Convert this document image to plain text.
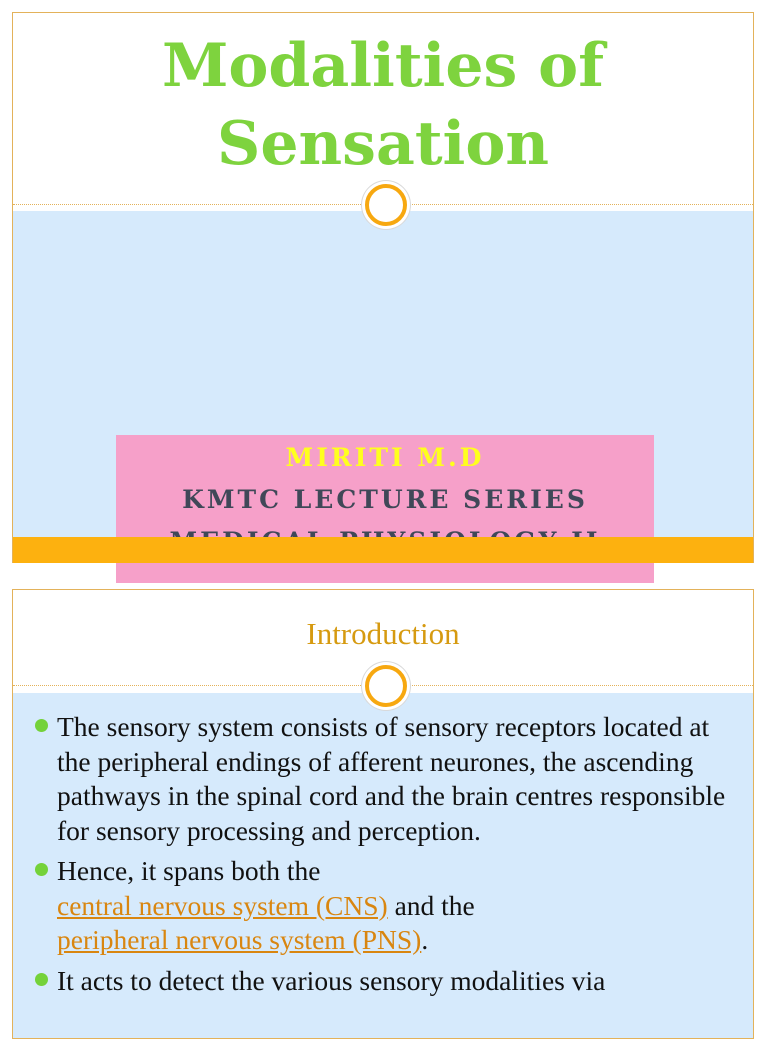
Modalities of
Sensation
MIRITI M.D
KMTC LECTURE SERIES
Introduction
The sensory system consists of sensory receptors located at the peripheral endings of afferent neurones, the ascending pathways in the spinal cord and the brain centres responsible for sensory processing and perception.
Hence, it spans both the
central nervous system (CNS) and the
peripheral nervous system (PNS).
It acts to detect the various sensory modalities via
